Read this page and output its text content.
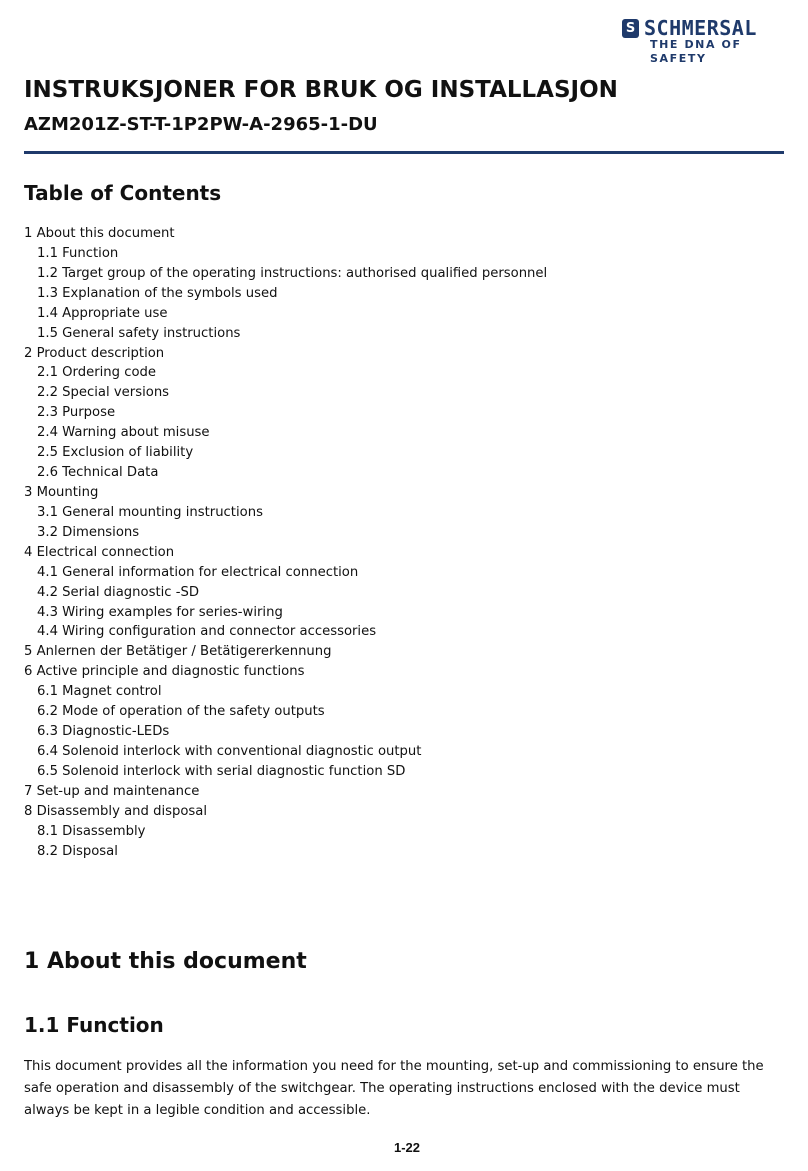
S SCHMERSAL
THE DNA OF SAFETY
INSTRUKSJONER FOR BRUK OG INSTALLASJON
AZM201Z-ST-T-1P2PW-A-2965-1-DU
Table of Contents
1 About this document
1.1 Function
1.2 Target group of the operating instructions: authorised qualified personnel
1.3 Explanation of the symbols used
1.4 Appropriate use
1.5 General safety instructions
2 Product description
2.1 Ordering code
2.2 Special versions
2.3 Purpose
2.4 Warning about misuse
2.5 Exclusion of liability
2.6 Technical Data
3 Mounting
3.1 General mounting instructions
3.2 Dimensions
4 Electrical connection
4.1 General information for electrical connection
4.2 Serial diagnostic -SD
4.3 Wiring examples for series-wiring
4.4 Wiring configuration and connector accessories
5 Anlernen der Betätiger / Betätigererkennung
6 Active principle and diagnostic functions
6.1 Magnet control
6.2 Mode of operation of the safety outputs
6.3 Diagnostic-LEDs
6.4 Solenoid interlock with conventional diagnostic output
6.5 Solenoid interlock with serial diagnostic function SD
7 Set-up and maintenance
8 Disassembly and disposal
8.1 Disassembly
8.2 Disposal
1 About this document
1.1 Function

This document provides all the information you need for the mounting, set-up and commissioning to ensure the safe operation and disassembly of the switchgear. The operating instructions enclosed with the device must always be kept in a legible condition and accessible.

1-22
